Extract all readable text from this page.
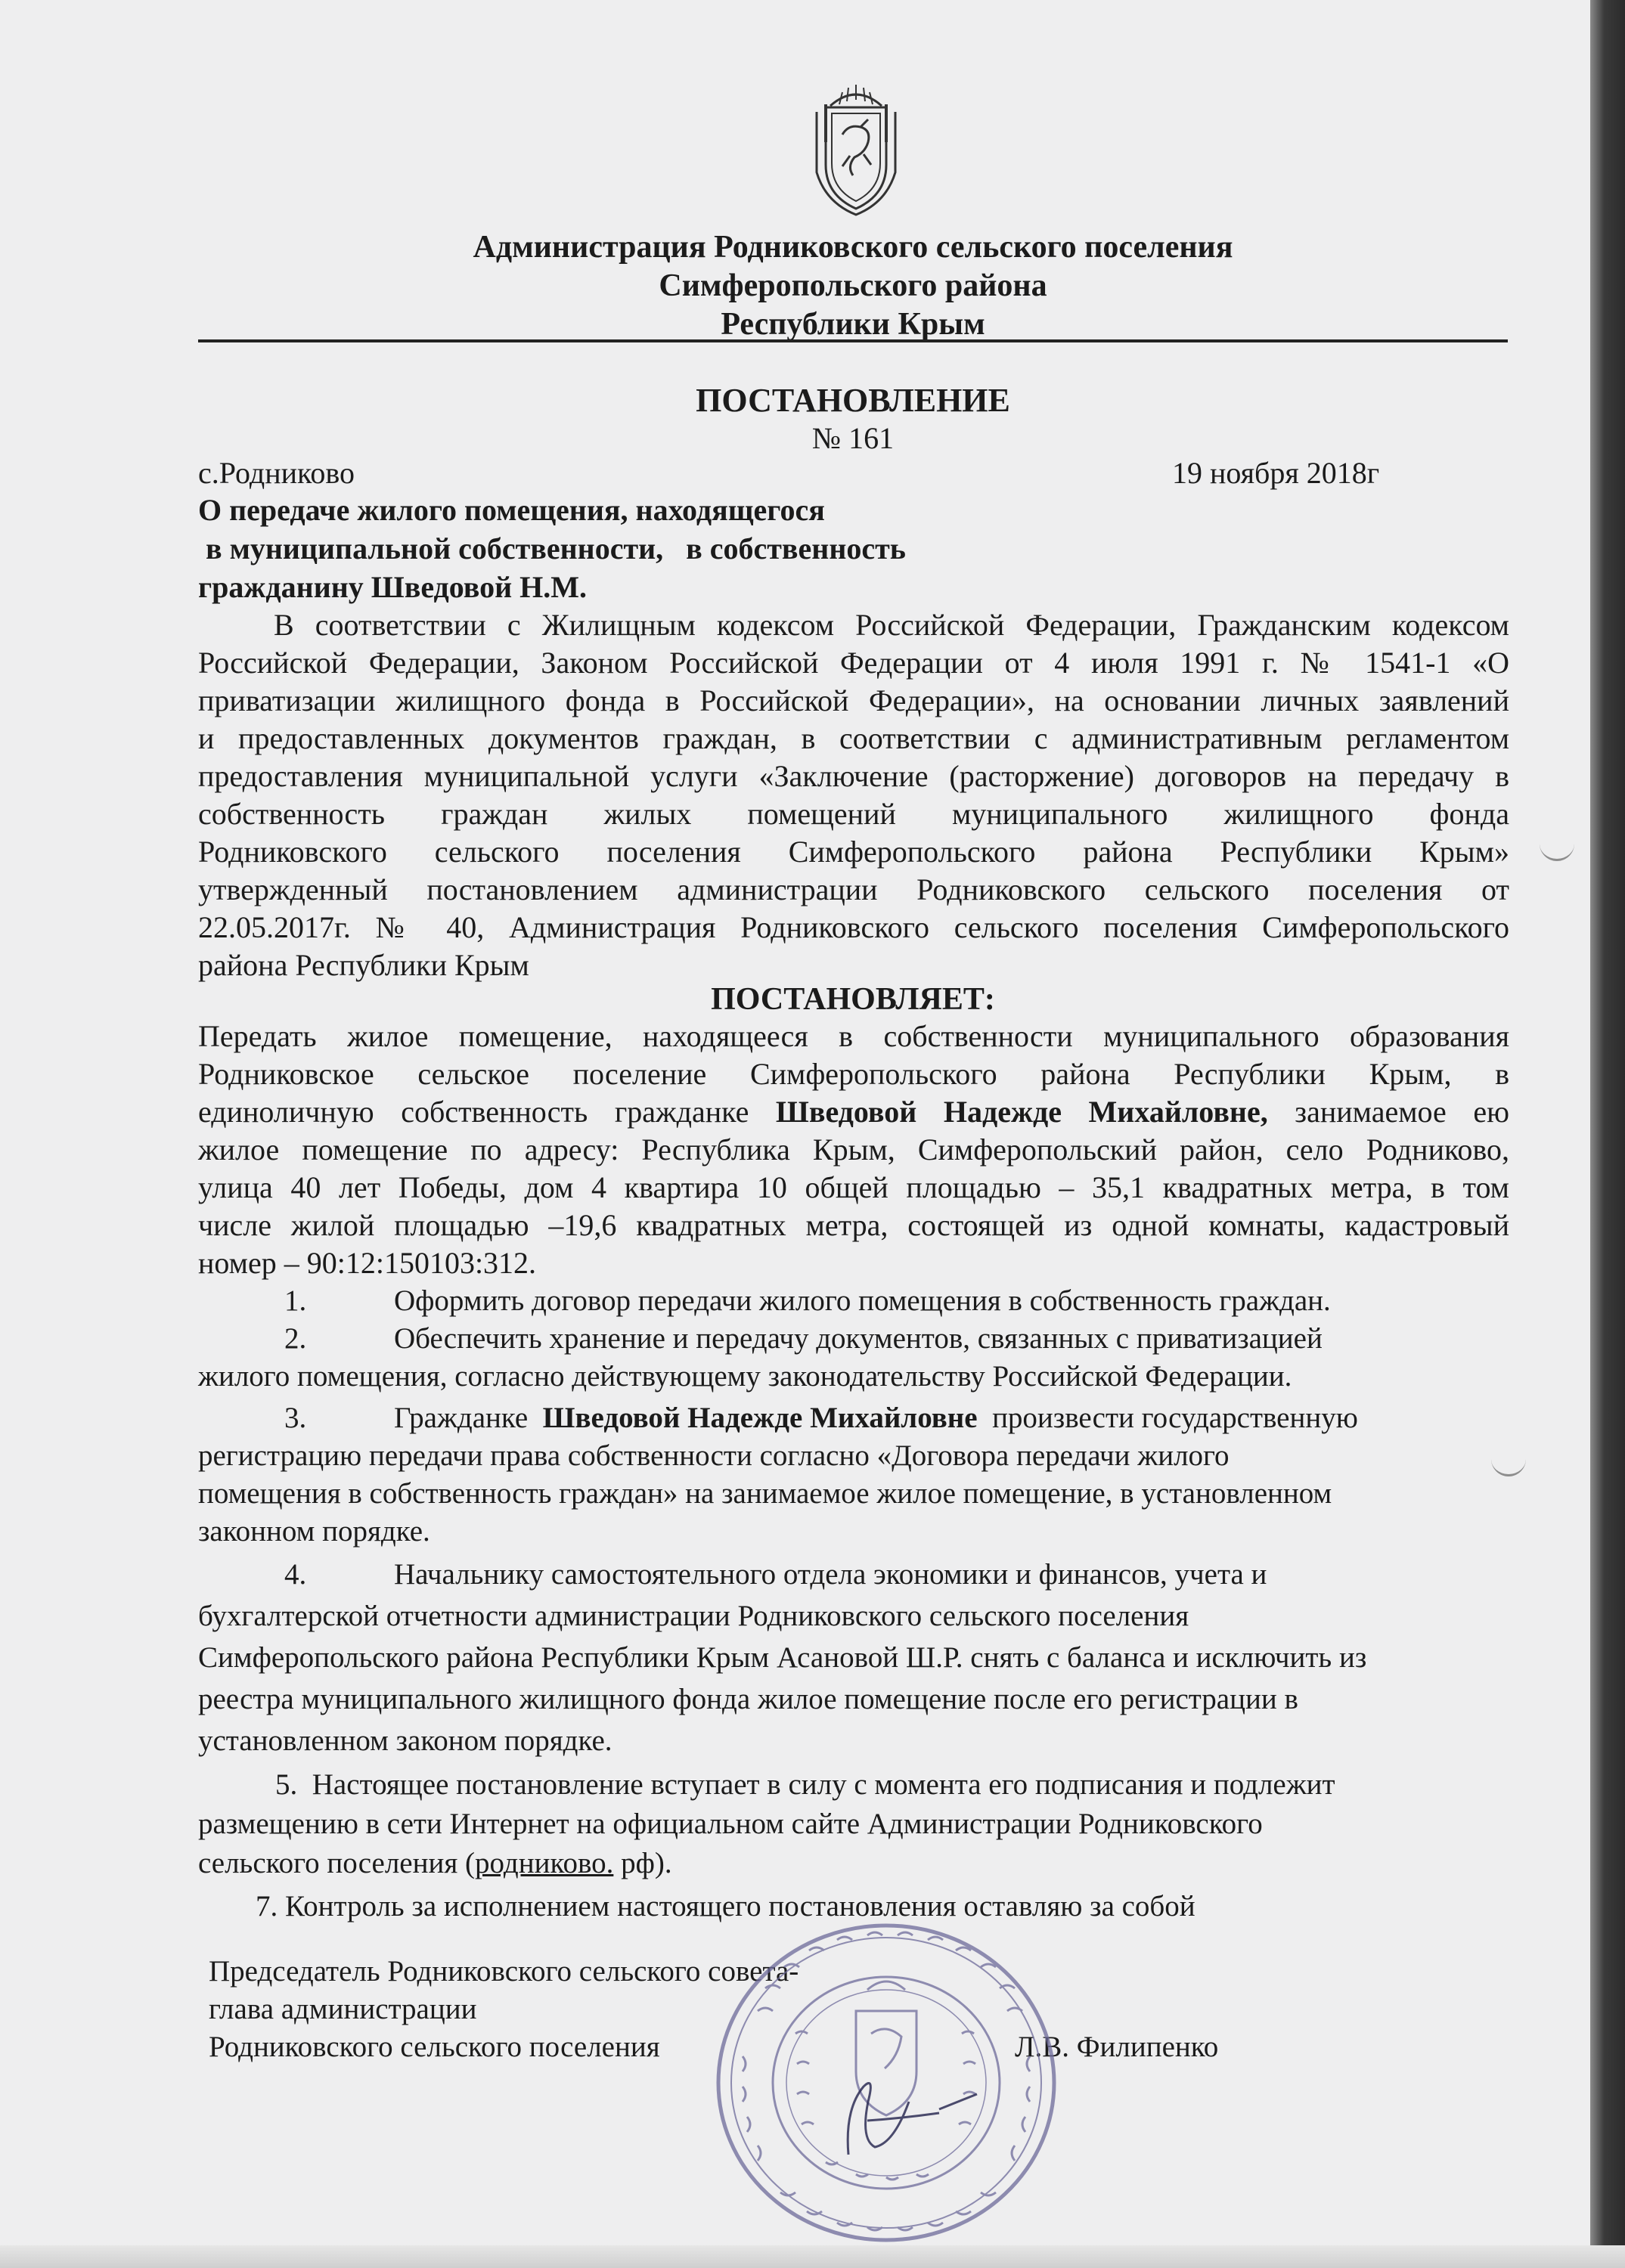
Администрация Родниковского сельского поселения
Симферопольского района
Республики Крым
ПОСТАНОВЛЕНИЕ
№ 161
с.Родниково	19 ноября 2018г
О передаче жилого помещения, находящегося
в муниципальной собственности,   в собственность
гражданину Шведовой Н.М.
В соответствии с Жилищным кодексом Российской Федерации, Гражданским кодексом
Российской Федерации, Законом Российской Федерации от 4 июля 1991 г. № 1541-1 «О
приватизации жилищного фонда в Российской Федерации», на основании личных заявлений
и предоставленных документов граждан, в соответствии с административным регламентом
предоставления муниципальной услуги «Заключение (расторжение) договоров на передачу в
собственность граждан жилых помещений муниципального жилищного фонда
Родниковского сельского поселения Симферопольского района Республики Крым»
утвержденный постановлением администрации Родниковского сельского поселения от
22.05.2017г. № 40, Администрация Родниковского сельского поселения Симферопольского
района Республики Крым
ПОСТАНОВЛЯЕТ:
Передать жилое помещение, находящееся в собственности муниципального образования
Родниковское сельское поселение Симферопольского района Республики Крым, в
единоличную собственность гражданке Шведовой Надежде Михайловне, занимаемое ею
жилое помещение по адресу: Республика Крым, Симферопольский район, село Родниково,
улица 40 лет Победы, дом 4 квартира 10 общей площадью – 35,1 квадратных метра, в том
числе жилой площадью –19,6 квадратных метра, состоящей из одной комнаты, кадастровый
номер – 90:12:150103:312.
1.	Оформить договор передачи жилого помещения в собственность граждан.
2.	Обеспечить хранение и передачу документов, связанных с приватизацией
жилого помещения, согласно действующему законодательству Российской Федерации.
3.	Гражданке  Шведовой Надежде Михайловне  произвести государственную
регистрацию передачи права собственности согласно «Договора передачи жилого
помещения в собственность граждан» на занимаемое жилое помещение, в установленном
законном порядке.
4.	Начальнику самостоятельного отдела экономики и финансов, учета и
бухгалтерской отчетности администрации Родниковского сельского поселения
Симферопольского района Республики Крым Асановой Ш.Р. снять с баланса и исключить из
реестра муниципального жилищного фонда жилое помещение после его регистрации в
установленном законом порядке.
5.  Настоящее постановление вступает в силу с момента его подписания и подлежит
размещению в сети Интернет на официальном сайте Администрации Родниковского
сельского поселения (родниково. рф).
7. Контроль за исполнением настоящего постановления оставляю за собой
Председатель Родниковского сельского совета-
глава администрации
Родниковского сельского поселения	Л.В. Филипенко
